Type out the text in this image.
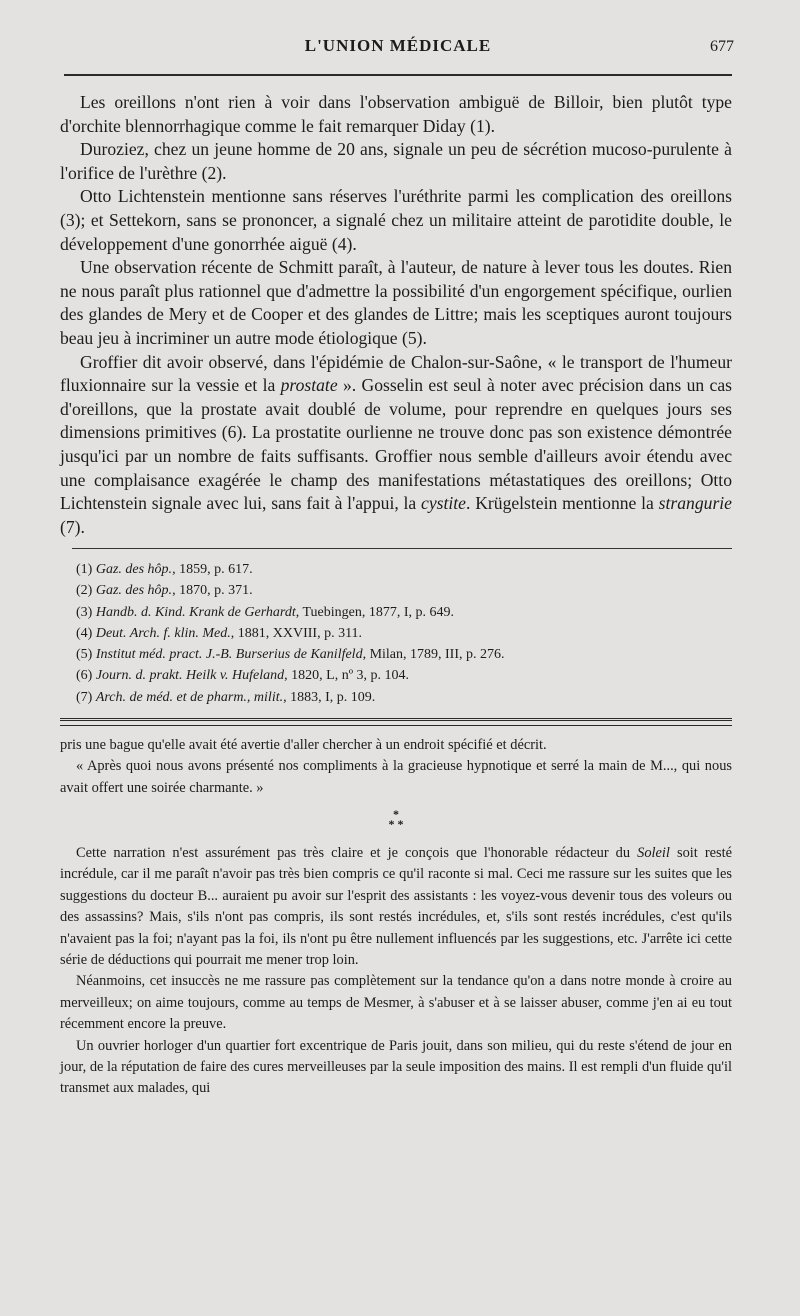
L'UNION MÉDICALE	677

Les oreillons n'ont rien à voir dans l'observation ambiguë de Billoir, bien plutôt type d'orchite blennorrhagique comme le fait remarquer Diday (1).

Duroziez, chez un jeune homme de 20 ans, signale un peu de sécrétion mucoso-purulente à l'orifice de l'urèthre (2).

Otto Lichtenstein mentionne sans réserves l'uréthrite parmi les complication des oreillons (3); et Settekorn, sans se prononcer, a signalé chez un militaire atteint de parotidite double, le développement d'une gonorrhée aiguë (4).

Une observation récente de Schmitt paraît, à l'auteur, de nature à lever tous les doutes. Rien ne nous paraît plus rationnel que d'admettre la possibilité d'un engorgement spécifique, ourlien des glandes de Mery et de Cooper et des glandes de Littre; mais les sceptiques auront toujours beau jeu à incriminer un autre mode étiologique (5).

Groffier dit avoir observé, dans l'épidémie de Chalon-sur-Saône, « le transport de l'humeur fluxionnaire sur la vessie et la prostate ». Gosselin est seul à noter avec précision dans un cas d'oreillons, que la prostate avait doublé de volume, pour reprendre en quelques jours ses dimensions primitives (6). La prostatite ourlienne ne trouve donc pas son existence démontrée jusqu'ici par un nombre de faits suffisants. Groffier nous semble d'ailleurs avoir étendu avec une complaisance exagérée le champ des manifestations métastatiques des oreillons; Otto Lichtenstein signale avec lui, sans fait à l'appui, la cystite. Krügelstein mentionne la strangurie (7).

(1) Gaz. des hôp., 1859, p. 617.
(2) Gaz. des hôp., 1870, p. 371.
(3) Handb. d. Kind. Krank de Gerhardt, Tuebingen, 1877, I, p. 649.
(4) Deut. Arch. f. klin. Med., 1881, XXVIII, p. 311.
(5) Institut méd. pract. J.-B. Burserius de Kanilfeld, Milan, 1789, III, p. 276.
(6) Journ. d. prakt. Heilk v. Hufeland, 1820, L, nº 3, p. 104.
(7) Arch. de méd. et de pharm., milit., 1883, I, p. 109.

pris une bague qu'elle avait été avertie d'aller chercher à un endroit spécifié et décrit.

« Après quoi nous avons présenté nos compliments à la gracieuse hypnotique et serré la main de M..., qui nous avait offert une soirée charmante. »

*
* *

Cette narration n'est assurément pas très claire et je conçois que l'honorable rédacteur du Soleil soit resté incrédule, car il me paraît n'avoir pas très bien compris ce qu'il raconte si mal. Ceci me rassure sur les suites que les suggestions du docteur B... auraient pu avoir sur l'esprit des assistants : les voyez-vous devenir tous des voleurs ou des assassins? Mais, s'ils n'ont pas compris, ils sont restés incrédules, et, s'ils sont restés incrédules, c'est qu'ils n'avaient pas la foi; n'ayant pas la foi, ils n'ont pu être nullement influencés par les suggestions, etc. J'arrête ici cette série de déductions qui pourrait me mener trop loin.

Néanmoins, cet insuccès ne me rassure pas complètement sur la tendance qu'on a dans notre monde à croire au merveilleux; on aime toujours, comme au temps de Mesmer, à s'abuser et à se laisser abuser, comme j'en ai eu tout récemment encore la preuve.

Un ouvrier horloger d'un quartier fort excentrique de Paris jouit, dans son milieu, qui du reste s'étend de jour en jour, de la réputation de faire des cures merveilleuses par la seule imposition des mains. Il est rempli d'un fluide qu'il transmet aux malades, qui
